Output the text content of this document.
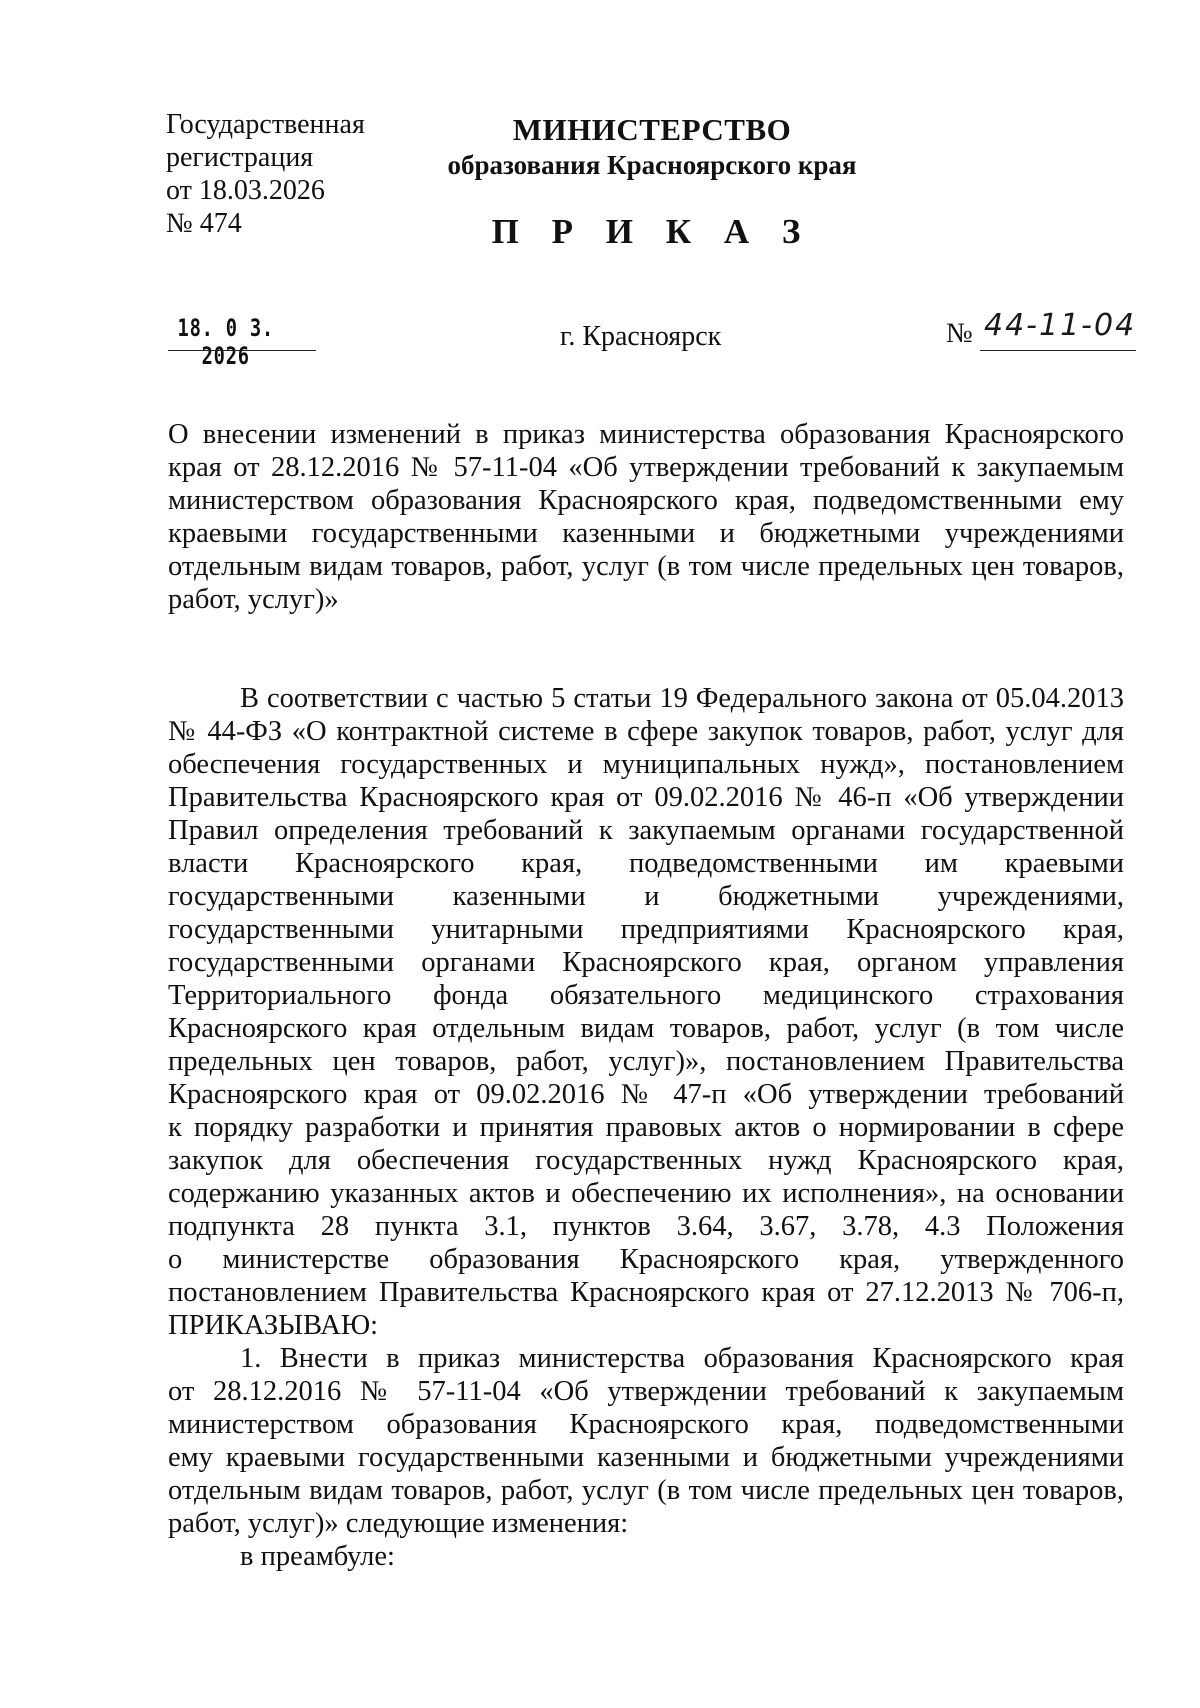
Государственная
регистрация
от 18.03.2026
№ 474
МИНИСТЕРСТВО
образования Красноярского края
П Р И К А З
18. 0 3. 2026
г. Красноярск	№ 44-11-04
О внесении изменений в приказ министерства образования Красноярского
края от 28.12.2016 № 57-11-04 «Об утверждении требований к закупаемым
министерством образования Красноярского края, подведомственными ему
краевыми государственными казенными и бюджетными учреждениями
отдельным видам товаров, работ, услуг (в том числе предельных цен товаров,
работ, услуг)»
В соответствии с частью 5 статьи 19 Федерального закона от 05.04.2013
№ 44-ФЗ «О контрактной системе в сфере закупок товаров, работ, услуг для
обеспечения государственных и муниципальных нужд», постановлением
Правительства Красноярского края от 09.02.2016 № 46-п «Об утверждении
Правил определения требований к закупаемым органами государственной
власти Красноярского края, подведомственными им краевыми
государственными казенными и бюджетными учреждениями,
государственными унитарными предприятиями Красноярского края,
государственными органами Красноярского края, органом управления
Территориального фонда обязательного медицинского страхования
Красноярского края отдельным видам товаров, работ, услуг (в том числе
предельных цен товаров, работ, услуг)», постановлением Правительства
Красноярского края от 09.02.2016 № 47-п «Об утверждении требований
к порядку разработки и принятия правовых актов о нормировании в сфере
закупок для обеспечения государственных нужд Красноярского края,
содержанию указанных актов и обеспечению их исполнения», на основании
подпункта 28 пункта 3.1, пунктов 3.64, 3.67, 3.78, 4.3 Положения
о министерстве образования Красноярского края, утвержденного
постановлением Правительства Красноярского края от 27.12.2013 № 706-п,
ПРИКАЗЫВАЮ:
1. Внести в приказ министерства образования Красноярского края
от 28.12.2016 № 57-11-04 «Об утверждении требований к закупаемым
министерством образования Красноярского края, подведомственными
ему краевыми государственными казенными и бюджетными учреждениями
отдельным видам товаров, работ, услуг (в том числе предельных цен товаров,
работ, услуг)» следующие изменения:
в преамбуле:
